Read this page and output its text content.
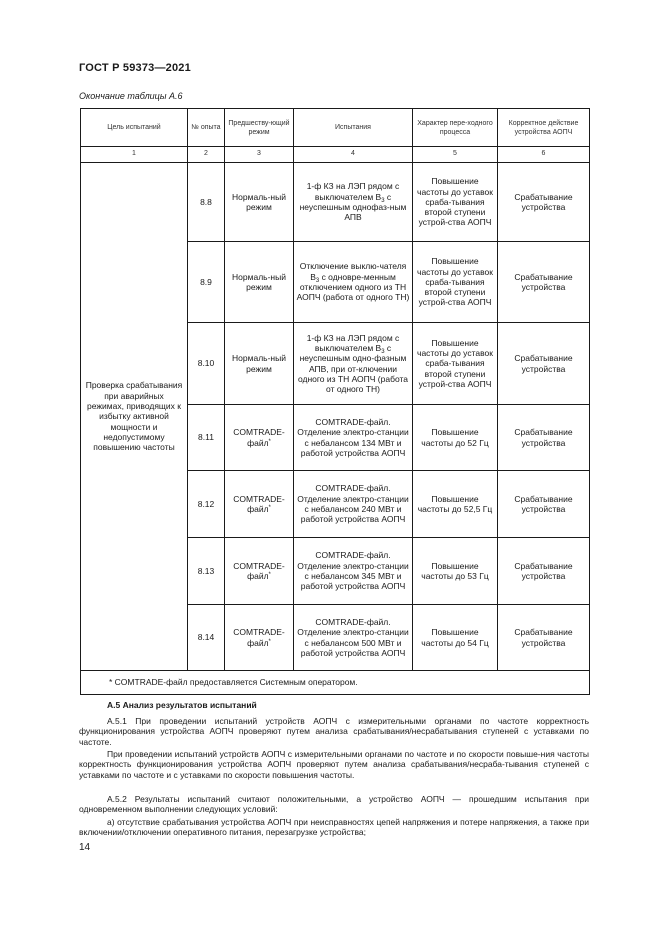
ГОСТ Р 59373—2021
Окончание таблицы А.6
Цель испытаний	№ опыта	Предшеству-ющий режим	Испытания	Характер пере-ходного процесса	Корректное действие устройства АОПЧ
1	2	3	4	5	6
Проверка срабатывания при аварийных режимах, приводящих к избытку активной мощности и недопустимому повышению частоты	8.8	Нормаль-ный режим	1-ф КЗ на ЛЭП рядом с выключателем $В_3$ с неуспешным однофаз-ным АПВ	Повышение частоты до уставок сраба-тывания второй ступени устрой-ства АОПЧ	Срабатывание устройства
	8.9	Нормаль-ный режим	Отключение выклю-чателя $В_3$ с одновре-менным отключением одного из ТН АОПЧ (работа от одного ТН)	Повышение частоты до уставок сраба-тывания второй ступени устрой-ства АОПЧ	Срабатывание устройства
	8.10	Нормаль-ный режим	1-ф КЗ на ЛЭП рядом с выключателем $В_3$ с неуспешным одно-фазным АПВ, при от-ключении одного из ТН АОПЧ (работа от одного ТН)	Повышение частоты до уставок сраба-тывания второй ступени устрой-ства АОПЧ	Срабатывание устройства
	8.11	COMTRADE-файл*	COMTRADE-файл. Отделение электро-станции с небалансом 134 МВт и работой устройства АОПЧ	Повышение частоты до 52 Гц	Срабатывание устройства
	8.12	COMTRADE-файл*	COMTRADE-файл. Отделение электро-станции с небалансом 240 МВт и работой устройства АОПЧ	Повышение частоты до 52,5 Гц	Срабатывание устройства
	8.13	COMTRADE-файл*	COMTRADE-файл. Отделение электро-станции с небалансом 345 МВт и работой устройства АОПЧ	Повышение частоты до 53 Гц	Срабатывание устройства
	8.14	COMTRADE-файл*	COMTRADE-файл. Отделение электро-станции с небалансом 500 МВт и работой устройства АОПЧ	Повышение частоты до 54 Гц	Срабатывание устройства
* COMTRADE-файл предоставляется Системным оператором.					
А.5 Анализ результатов испытаний
А.5.1 При проведении испытаний устройств АОПЧ с измерительными органами по частоте корректность функционирования устройства АОПЧ проверяют путем анализа срабатывания/несрабатывания ступеней с уставками по частоте.
При проведении испытаний устройств АОПЧ с измерительными органами по частоте и по скорости повыше-ния частоты корректность функционирования устройства АОПЧ проверяют путем анализа срабатывания/несраба-тывания ступеней с уставками по частоте и с уставками по скорости повышения частоты.
А.5.2 Результаты испытаний считают положительными, а устройство АОПЧ — прошедшим испытания при одновременном выполнении следующих условий:
а) отсутствие срабатывания устройства АОПЧ при неисправностях цепей напряжения и потере напряжения, а также при включении/отключении оперативного питания, перезагрузке устройства;
14
